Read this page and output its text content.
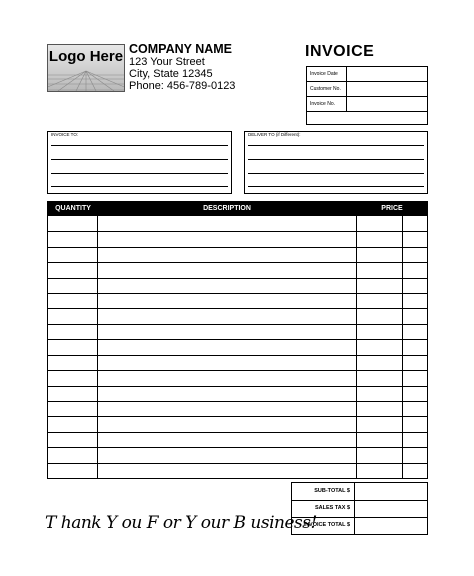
Logo Here COMPANY NAME
123 Your Street
City, State 12345
Phone: 456-789-0123
INVOICE
Invoice Date
Customer No.
Invoice No.
INVOICE TO:	DELIVER TO (if Different):
QUANTITY	DESCRIPTION	PRICE
SUB-TOTAL $
SALES TAX $
INVOICE TOTAL $
T hank Y ou F or Y our B usiness!
